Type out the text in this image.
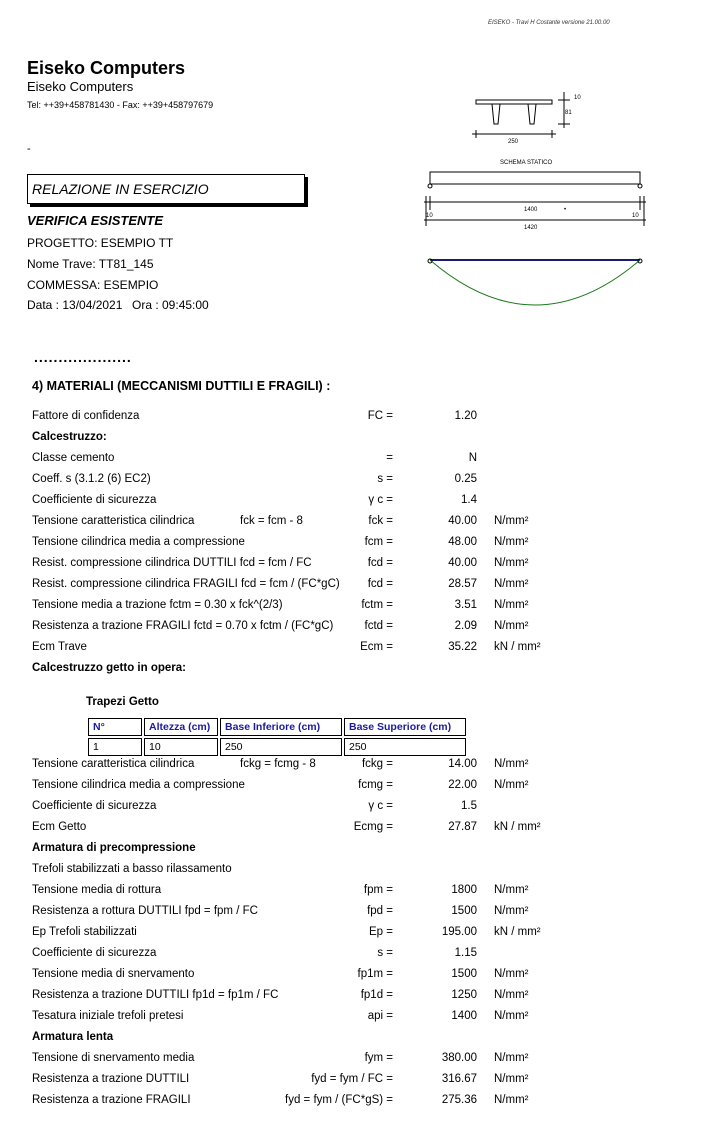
EISEKO - Travi H Costante versione 21.00.00
Eiseko Computers
Eiseko Computers
Tel: ++39+458781430 - Fax: ++39+458797679
-
RELAZIONE IN ESERCIZIO
VERIFICA ESISTENTE
PROGETTO: ESEMPIO TT
Nome Trave: TT81_145
COMMESSA: ESEMPIO
Data : 13/04/2021 Ora : 09:45:00
10
81
250
SCHEMA STATICO
1400	•
10	10
1420
....................
4) MATERIALI (MECCANISMI DUTTILI E FRAGILI) :
Fattore di confidenza	FC =	1.20
Calcestruzzo:
Classe cemento	=	N
Coeff. s (3.1.2 (6) EC2)	s =	0.25
Coefficiente di sicurezza	γ c =	1.4
Tensione caratteristica cilindrica	fck = fcm - 8	fck =	40.00 N/mm²
Tensione cilindrica media a compressione	fcm =	48.00 N/mm²
Resist. compressione cilindrica DUTTILI fcd = fcm / FC	fcd =	40.00 N/mm²
Resist. compressione cilindrica FRAGILI fcd = fcm / (FC*gC) fcd =	28.57 N/mm²
Tensione media a trazione fctm = 0.30 x fck^(2/3)	fctm =	3.51 N/mm²
Resistenza a trazione FRAGILI fctd = 0.70 x fctm / (FC*gC)	fctd =	2.09 N/mm²
Ecm Trave	Ecm =	35.22 kN / mm²
Calcestruzzo getto in opera:
Trapezi Getto
N°	Altezza (cm)	Base Inferiore (cm)	Base Superiore (cm)
1	10	250	250
Tensione caratteristica cilindrica	fckg = fcmg - 8	fckg =	14.00 N/mm²
Tensione cilindrica media a compressione	fcmg =	22.00 N/mm²
Coefficiente di sicurezza	γ c =	1.5
Ecm Getto	Ecmg =	27.87 kN / mm²
Armatura di precompressione
Trefoli stabilizzati a basso rilassamento
Tensione media di rottura	fpm =	1800 N/mm²
Resistenza a rottura DUTTILI fpd = fpm / FC	fpd =	1500 N/mm²
Ep Trefoli stabilizzati	Ep =	195.00 kN / mm²
Coefficiente di sicurezza	s =	1.15
Tensione media di snervamento	fp1m =	1500 N/mm²
Resistenza a trazione DUTTILI fp1d = fp1m / FC	fp1d =	1250 N/mm²
Tesatura iniziale trefoli pretesi	api =	1400 N/mm²
Armatura lenta
Tensione di snervamento media	fym =	380.00 N/mm²
Resistenza a trazione DUTTILI	fyd = fym / FC =	316.67 N/mm²
Resistenza a trazione FRAGILI	fyd = fym / (FC*gS) =	275.36 N/mm²
